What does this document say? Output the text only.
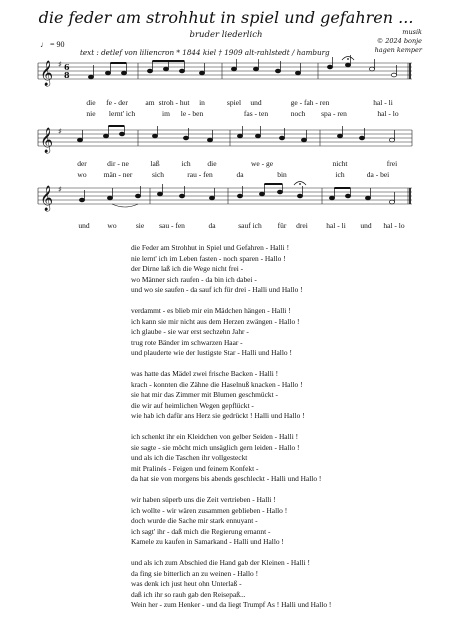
die feder am strohhut in spiel und gefahren ...
bruder liederlich
♩ = 90
text : detlef von liliencron * 1844 kiel † 1909 alt-rahlstedt / hamburg
musik
© 2024 bonje
hagen kemper
𝄞 ♯ 6
8
die fe - der am stroh - hut in	spiel und	ge - fah - ren	hal - li
nie lernt' ich	im le - ben	fas - ten	noch spa - ren	hal - lo
𝄞 ♯
der	dir - ne	laß	ich die	we - ge	nicht	frei
wo män - ner	sich	rau - fen	da	bin	ich	da - bei
𝄞 ♯
und wo	sie sau - fen	da	sauf ich für drei hal - li und hal - lo
die Feder am Strohhut in Spiel und Gefahren - Halli !
nie lernt' ich im Leben fasten - noch sparen - Hallo !
der Dirne laß ich die Wege nicht frei -
wo Männer sich raufen - da bin ich dabei -
und wo sie saufen - da sauf ich für drei - Halli und Hallo !
verdammt - es blieb mir ein Mädchen hängen - Halli !
ich kann sie mir nicht aus dem Herzen zwängen - Hallo !
ich glaube - sie war erst sechzehn Jahr -
trug rote Bänder im schwarzen Haar -
und plauderte wie der lustigste Star - Halli und Hallo !
was hatte das Mädel zwei frische Backen - Halli !
krach - konnten die Zähne die Haselnuß knacken - Hallo !
sie hat mir das Zimmer mit Blumen geschmückt -
die wir auf heimlichen Wegen gepflückt -
wie hab ich dafür ans Herz sie gedrückt ! Halli und Hallo !
ich schenkt ihr ein Kleidchen von gelber Seiden - Halli !
sie sagte - sie möcht mich unsäglich gern leiden - Hallo !
und als ich die Taschen ihr vollgesteckt
mit Pralinés - Feigen und feinem Konfekt -
da hat sie von morgens bis abends geschleckt - Halli und Hallo !
wir haben süperb uns die Zeit vertrieben - Halli !
ich wollte - wir wären zusammen geblieben - Hallo !
doch wurde die Sache mir stark ennuyant -
ich sagt' ihr - daß mich die Regierung ernannt -
Kamele zu kaufen in Samarkand - Halli und Hallo !
und als ich zum Abschied die Hand gab der Kleinen - Halli !
da fing sie bitterlich an zu weinen - Hallo !
was denk ich just heut ohn Unterlaß -
daß ich ihr so rauh gab den Reisepaß...
Wein her - zum Henker - und da liegt Trumpf As ! Halli und Hallo !
